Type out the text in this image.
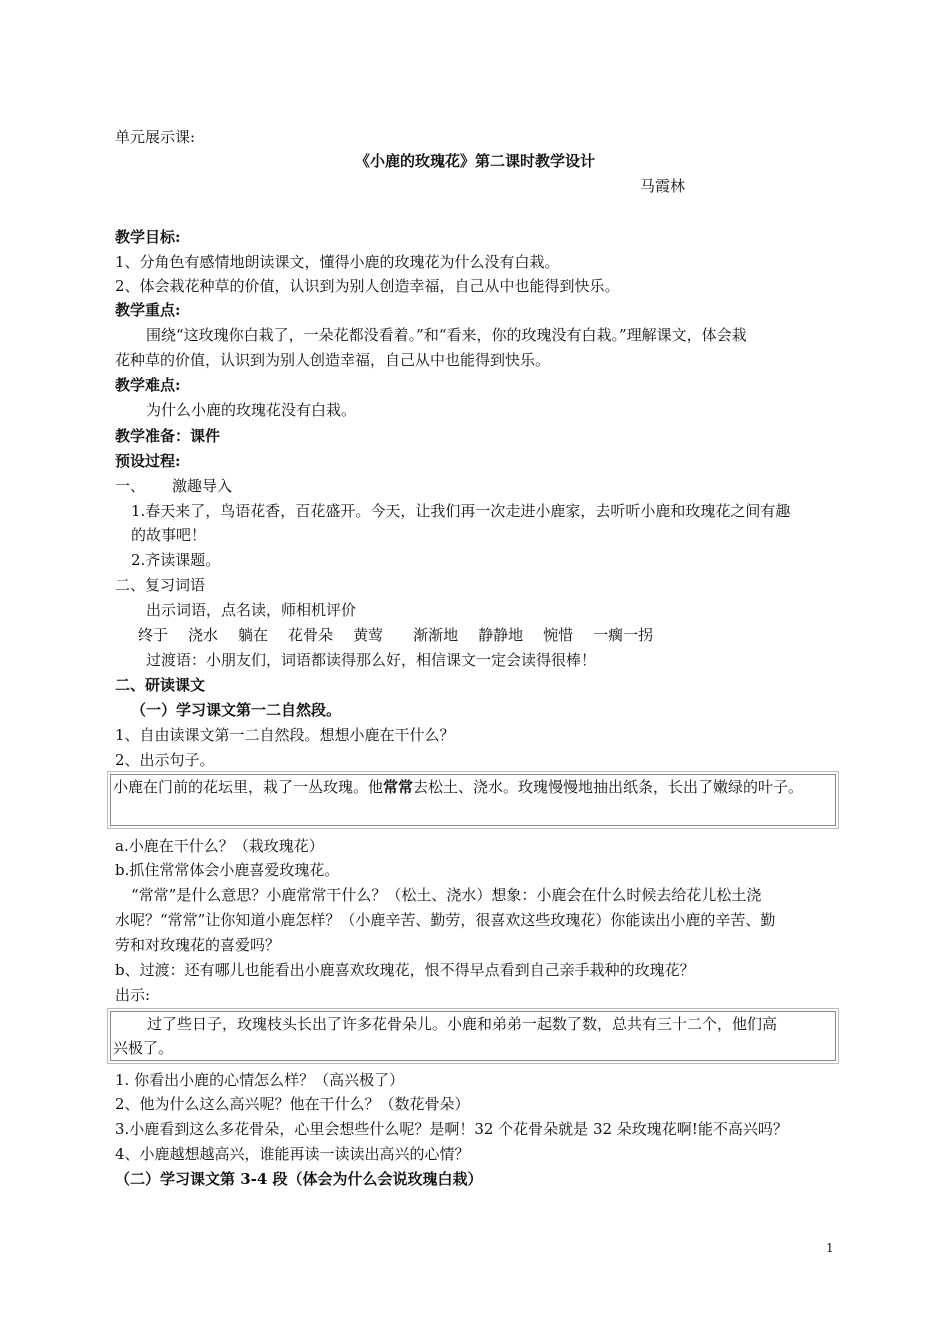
单元展示课:
《小鹿的玫瑰花》第二课时教学设计
马霞林
教学目标:
1、分角色有感情地朗读课文，懂得小鹿的玫瑰花为什么没有白栽。
2、体会栽花种草的价值，认识到为别人创造幸福，自己从中也能得到快乐。
教学重点:
围绕“这玫瑰你白栽了，一朵花都没看着。”和“看来，你的玫瑰没有白栽。”理解课文，体会栽
花种草的价值，认识到为别人创造幸福，自己从中也能得到快乐。
教学难点:
为什么小鹿的玫瑰花没有白栽。
教学准备：课件
预设过程:
一、 激趣导入
1.春天来了，鸟语花香，百花盛开。今天，让我们再一次走进小鹿家，去听听小鹿和玫瑰花之间有趣
的故事吧！
2.齐读课题。
二、复习词语
出示词语，点名读，师相机评价
终于 浇水 躺在 花骨朵 黄莺 渐渐地 静静地 惋惜 一瘸一拐
过渡语：小朋友们，词语都读得那么好，相信课文一定会读得很棒！
二、研读课文
（一）学习课文第一二自然段。
1、自由读课文第一二自然段。想想小鹿在干什么？
2、出示句子。
小鹿在门前的花坛里，栽了一丛玫瑰。他常常去松土、浇水。玫瑰慢慢地抽出纸条，长出了嫩绿的叶子。
a.小鹿在干什么？（栽玫瑰花）
b.抓住常常体会小鹿喜爱玫瑰花。
“常常”是什么意思？小鹿常常干什么？（松土、浇水）想象：小鹿会在什么时候去给花儿松土浇
水呢？“常常”让你知道小鹿怎样？（小鹿辛苦、勤劳，很喜欢这些玫瑰花）你能读出小鹿的辛苦、勤
劳和对玫瑰花的喜爱吗？
b、过渡：还有哪儿也能看出小鹿喜欢玫瑰花，恨不得早点看到自己亲手栽种的玫瑰花？
出示:
过了些日子，玫瑰枝头长出了许多花骨朵儿。小鹿和弟弟一起数了数，总共有三十二个，他们高
兴极了。
1. 你看出小鹿的心情怎么样？（高兴极了）
2、他为什么这么高兴呢？他在干什么？（数花骨朵）
3.小鹿看到这么多花骨朵，心里会想些什么呢？是啊！32 个花骨朵就是 32 朵玫瑰花啊!能不高兴吗？
4、小鹿越想越高兴，谁能再读一读读出高兴的心情？
（二）学习课文第 3-4 段（体会为什么会说玫瑰白栽）
1
